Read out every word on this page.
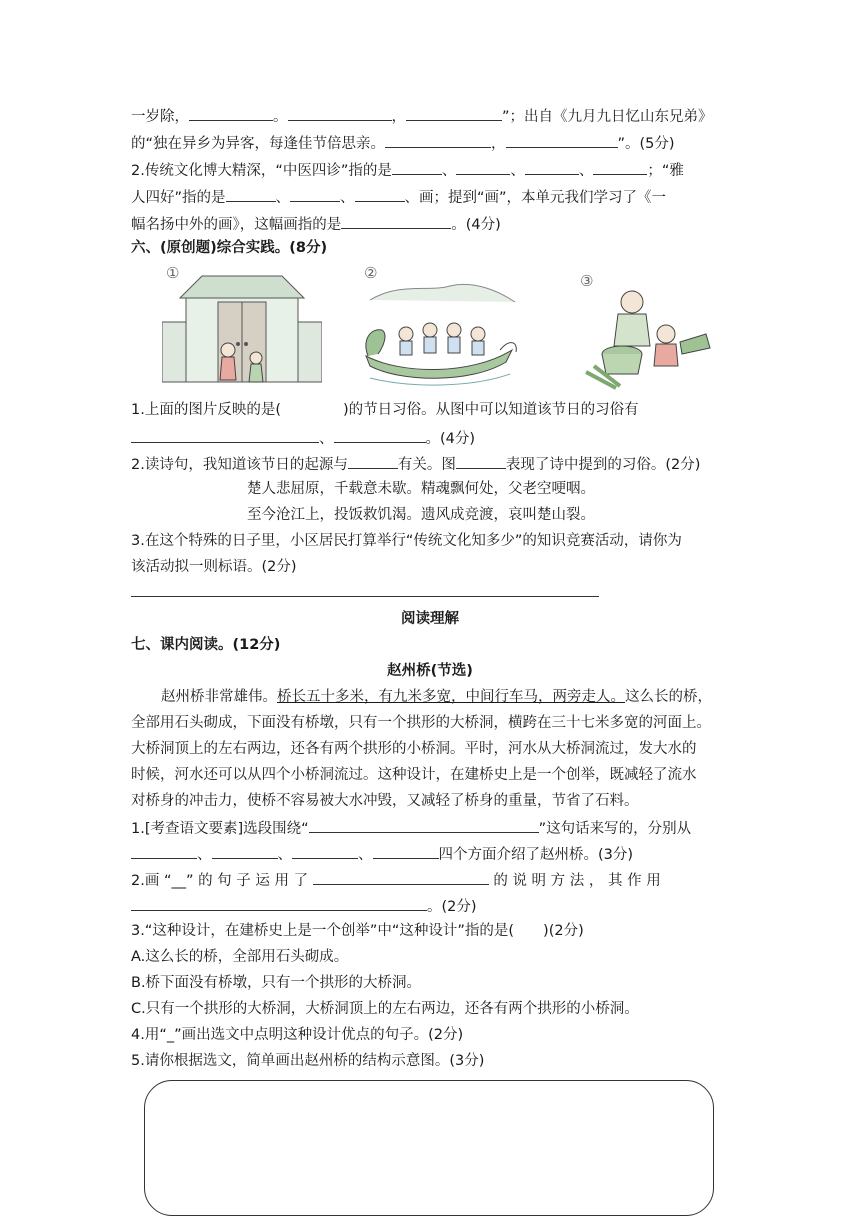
一岁除，	。	，	”；出自《九月九日忆山东兄弟》
的“独在异乡为异客，每逢佳节倍思亲。	，	”。(5分)
2.传统文化博大精深，“中医四诊”指的是	、	、	、	；“雅
人四好”指的是	、	、	、画；提到“画”，本单元我们学习了《一
幅名扬中外的画》，这幅画指的是	。(4分)
六、(原创题)综合实践。(8分)
①	②	③
1.上面的图片反映的是(	)的节日习俗。从图中可以知道该节日的习俗有
、	。(4分)
2.读诗句，我知道该节日的起源与	有关。图	表现了诗中提到的习俗。(2分)
楚人悲屈原，千载意未歇。精魂飘何处，父老空哽咽。
至今沧江上，投饭救饥渴。遗风成竞渡，哀叫楚山裂。
3.在这个特殊的日子里，小区居民打算举行“传统文化知多少”的知识竞赛活动，请你为
该活动拟一则标语。(2分)
阅读理解
七、课内阅读。(12分)
赵州桥(节选)
赵州桥非常雄伟。桥长五十多米，有九米多宽，中间行车马，两旁走人。这么长的桥，
全部用石头砌成，下面没有桥墩，只有一个拱形的大桥洞，横跨在三十七米多宽的河面上。
大桥洞顶上的左右两边，还各有两个拱形的小桥洞。平时，河水从大桥洞流过，发大水的
时候，河水还可以从四个小桥洞流过。这种设计，在建桥史上是一个创举，既减轻了流水
对桥身的冲击力，使桥不容易被大水冲毁，又减轻了桥身的重量，节省了石料。
1.[考查语文要素]选段围绕“	”这句话来写的，分别从
、	、	、	四个方面介绍了赵州桥。(3分)
2.画 “__” 的 句 子 运 用 了	的 说 明 方 法 ， 其 作 用
。(2分)
3.“这种设计，在建桥史上是一个创举”中“这种设计”指的是(　　)(2分)
A.这么长的桥，全部用石头砌成。
B.桥下面没有桥墩，只有一个拱形的大桥洞。
C.只有一个拱形的大桥洞，大桥洞顶上的左右两边，还各有两个拱形的小桥洞。
4.用“_”画出选文中点明这种设计优点的句子。(2分)
5.请你根据选文，简单画出赵州桥的结构示意图。(3分)
